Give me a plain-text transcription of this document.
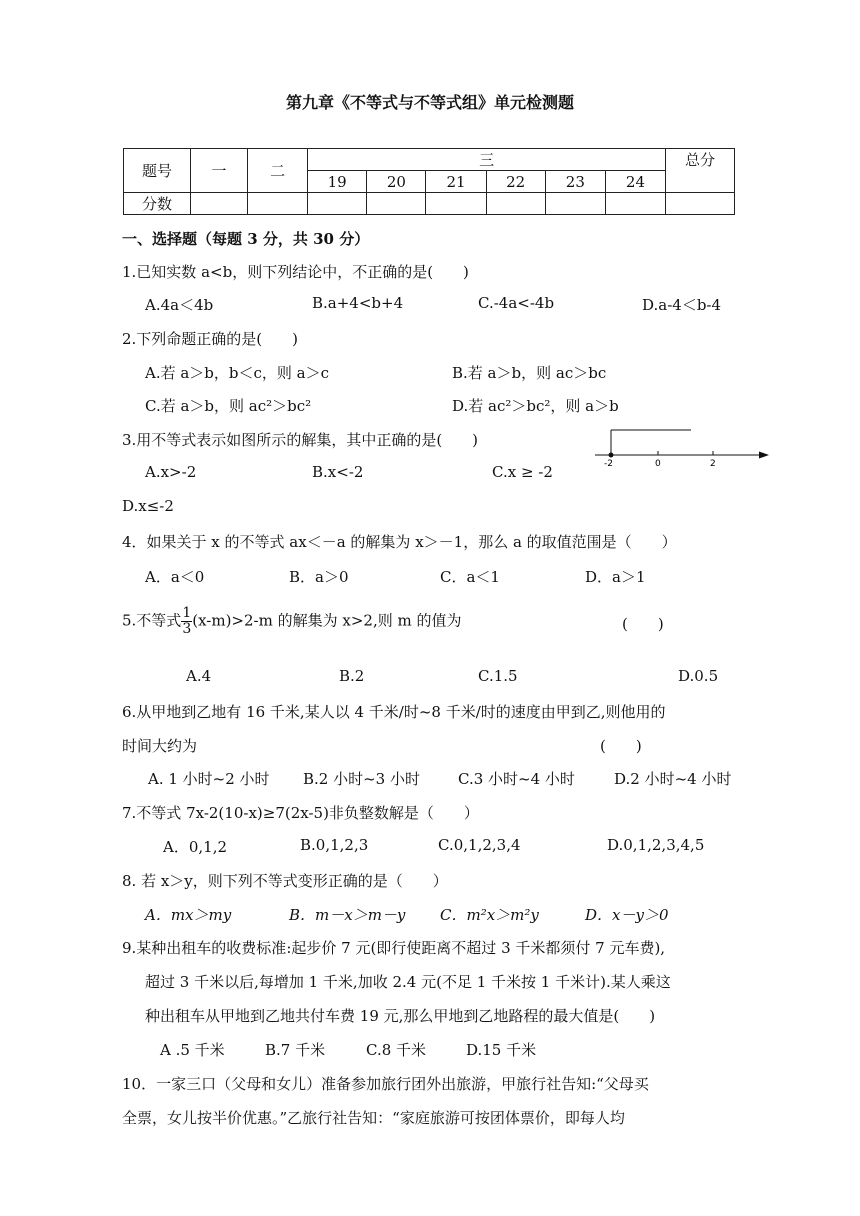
第九章《不等式与不等式组》单元检测题
题号	一	二	三						总分
			19	20	21	22	23	24	
分数									
一、选择题（每题 3 分，共 30 分）
1.已知实数 a<b，则下列结论中，不正确的是(　　)
A.4a＜4b	B.a+4<b+4	C.-4a<-4b	D.a-4＜b-4
2.下列命题正确的是(　　)
A.若 a＞b，b＜c，则 a＞c	B.若 a＞b，则 ac＞bc
C.若 a＞b，则 ac²＞bc²	D.若 ac²＞bc²，则 a＞b
3.用不等式表示如图所示的解集，其中正确的是(　　)
A.x>-2	B.x<-2	C.x ≥ -2
D.x≤-2
-2	0	2
4．如果关于 x 的不等式 ax＜－a 的解集为 x＞－1，那么 a 的取值范围是（　　）
A．a＜0	B．a＞0	C．a＜1	D．a＞1
5.不等式 $\frac{1}{3} (x-m)>2-m$ 的解集为 x>2,则 m 的值为	(　　)
A.4	B.2	C.1.5	D.0.5
6.从甲地到乙地有 16 千米,某人以 4 千米/时~8 千米/时的速度由甲到乙,则他用的
时间大约为	(　　)
A. 1 小时~2 小时 B.2 小时~3 小时	C.3 小时~4 小时	D.2 小时~4 小时
7.不等式 7x-2(10-x)≥7(2x-5)非负整数解是（　　）
A．0,1,2	B.0,1,2,3	C.0,1,2,3,4	D.0,1,2,3,4,5
8. 若 x＞y，则下列不等式变形正确的是（　　）
A．mx＞my	B．m－x＞m－y C．m²x＞m²y	D．x－y＞0
9.某种出租车的收费标准:起步价 7 元(即行使距离不超过 3 千米都须付 7 元车费),
超过 3 千米以后,每增加 1 千米,加收 2.4 元(不足 1 千米按 1 千米计).某人乘这
种出租车从甲地到乙地共付车费 19 元,那么甲地到乙地路程的最大值是(　　)
A .5 千米	B.7 千米	C.8 千米	D.15 千米
10．一家三口（父母和女儿）准备参加旅行团外出旅游，甲旅行社告知:“父母买
全票，女儿按半价优惠。”乙旅行社告知：“家庭旅游可按团体票价，即每人均
